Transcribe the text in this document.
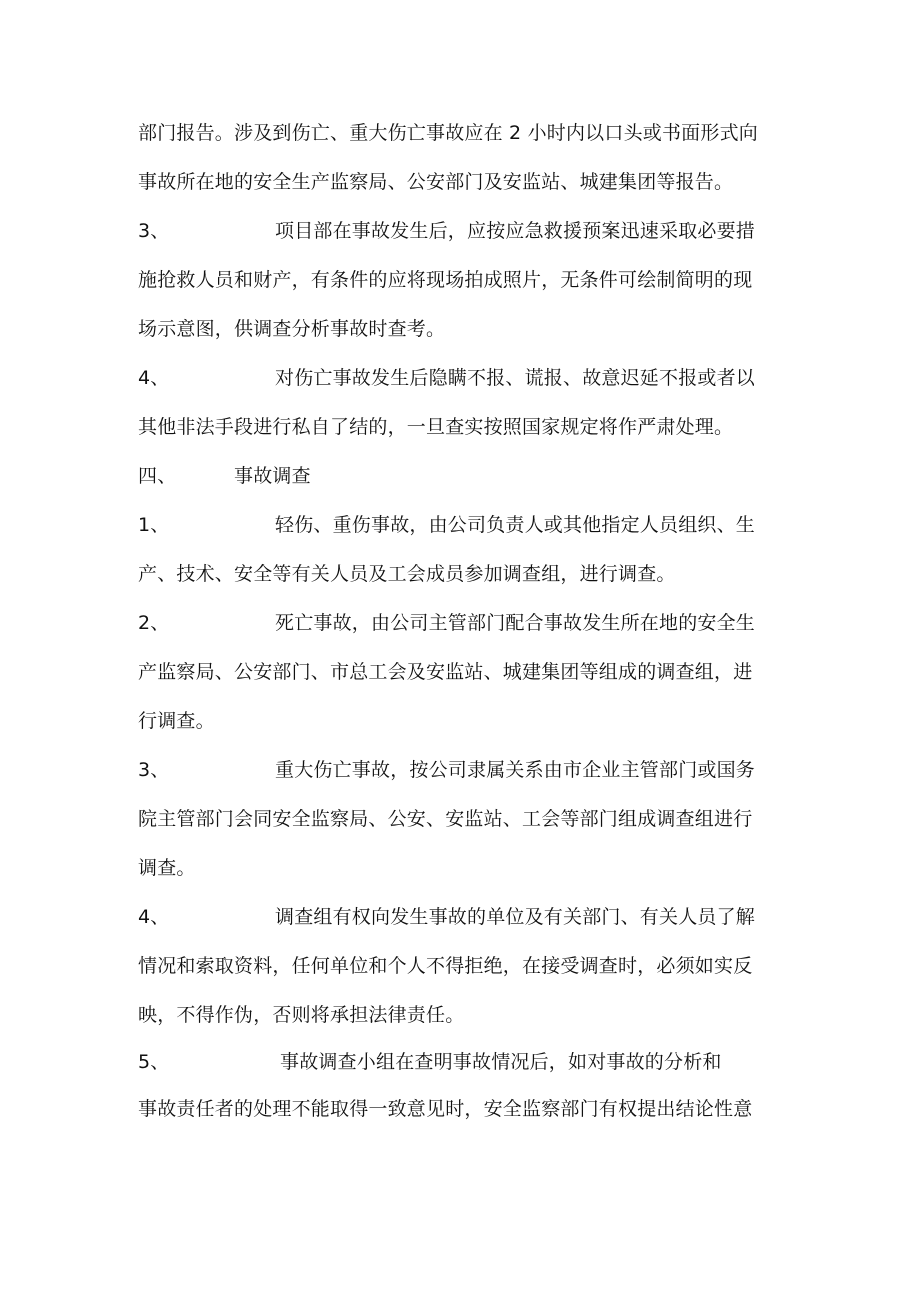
部门报告。涉及到伤亡、重大伤亡事故应在 2 小时内以口头或书面形式向
事故所在地的安全生产监察局、公安部门及安监站、城建集团等报告。
3、	项目部在事故发生后，应按应急救援预案迅速采取必要措
施抢救人员和财产，有条件的应将现场拍成照片，无条件可绘制简明的现
场示意图，供调查分析事故时查考。
4、	对伤亡事故发生后隐瞒不报、谎报、故意迟延不报或者以
其他非法手段进行私自了结的，一旦查实按照国家规定将作严肃处理。
四、	事故调查
1、	轻伤、重伤事故，由公司负责人或其他指定人员组织、生
产、技术、安全等有关人员及工会成员参加调查组，进行调查。
2、	死亡事故，由公司主管部门配合事故发生所在地的安全生
产监察局、公安部门、市总工会及安监站、城建集团等组成的调查组，进
行调查。
3、	重大伤亡事故，按公司隶属关系由市企业主管部门或国务
院主管部门会同安全监察局、公安、安监站、工会等部门组成调查组进行
调查。
4、	调查组有权向发生事故的单位及有关部门、有关人员了解
情况和索取资料，任何单位和个人不得拒绝，在接受调查时，必须如实反
映，不得作伪，否则将承担法律责任。
5、	事故调查小组在查明事故情况后，如对事故的分析和
事故责任者的处理不能取得一致意见时，安全监察部门有权提出结论性意
